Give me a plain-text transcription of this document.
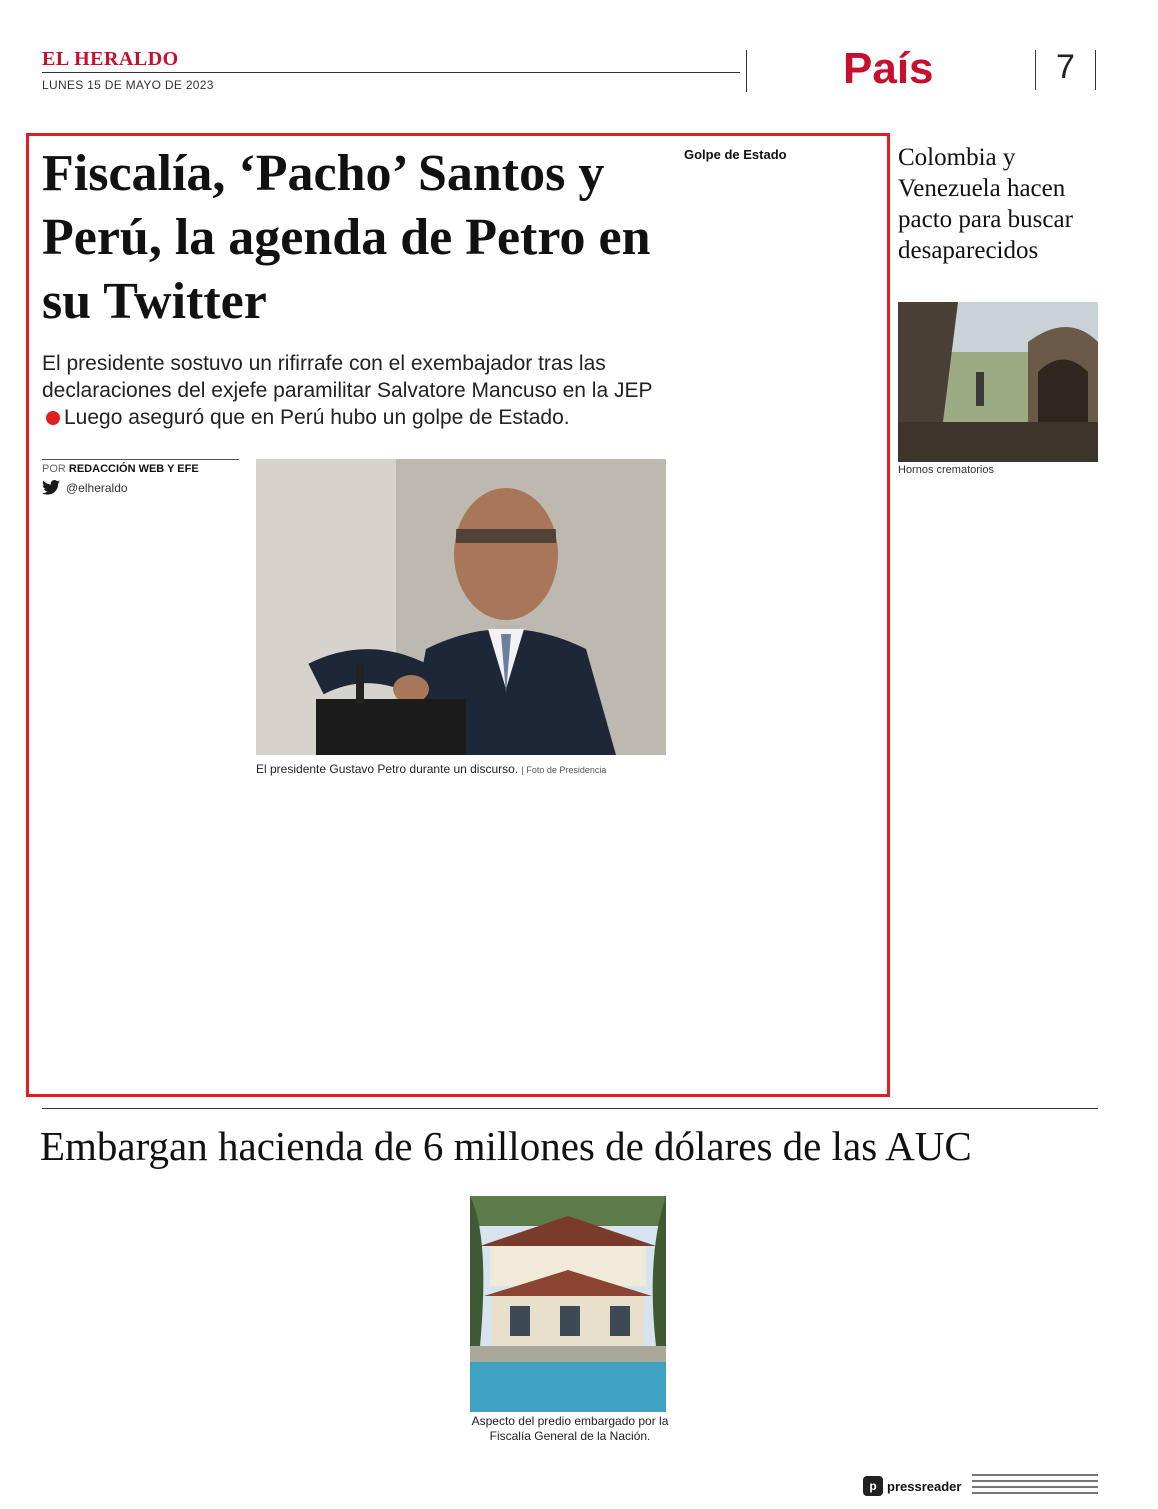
EL HERALDO
LUNES 15 DE MAYO DE 2023	País	7
Fiscalía, ‘Pacho’ Santos y Perú, la agenda de Petro en su Twitter
El presidente sostuvo un rifirrafe con el exembajador tras las declaraciones del exjefe paramilitar Salvatore Mancuso en la JEPLuego aseguró que en Perú hubo un golpe de Estado.
POR REDACCIÓN WEB Y EFE
@elheraldo
El presidente Gustavo Petro durante un discurso. | Foto de Presidencia
Golpe de Estado	Colombia y Venezuela hacen pacto para buscar desaparecidos
Hornos crematorios
Embargan hacienda de 6 millones de dólares de las AUC
Aspecto del predio embargado por la Fiscalía General de la Nación.
p pressreader
